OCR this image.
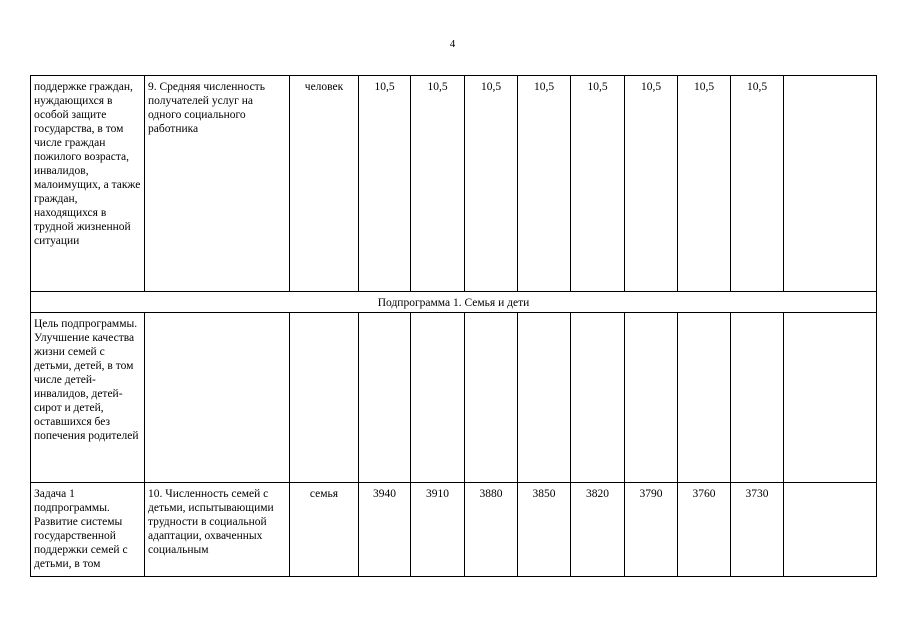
4
поддержке граждан, нуждающихся в особой защите государства, в том числе граждан пожилого возраста, инвалидов, малоимущих, а также граждан, находящихся в трудной жизненной ситуации	9. Средняя численность получателей услуг на одного социального работника	человек	10,5	10,5	10,5	10,5	10,5	10,5	10,5	10,5	
Подпрограмма 1. Семья и дети											
Цель подпрограммы. Улучшение качества жизни семей с детьми, детей, в том числе детей-инвалидов, детей-сирот и детей, оставшихся без попечения родителей											
Задача 1 подпрограммы. Развитие системы государственной поддержки семей с детьми, в том	10. Численность семей с детьми, испытывающими трудности в социальной адаптации, охваченных социальным	семья	3940	3910	3880	3850	3820	3790	3760	3730	
